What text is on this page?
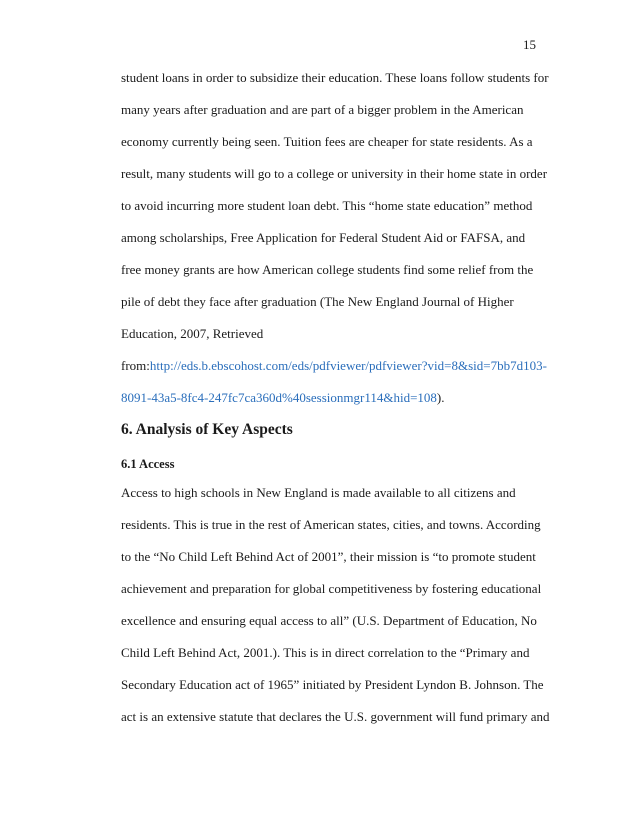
15
student loans in order to subsidize their education. These loans follow students for
many years after graduation and are part of a bigger problem in the American
economy currently being seen. Tuition fees are cheaper for state residents. As a
result, many students will go to a college or university in their home state in order
to avoid incurring more student loan debt. This “home state education” method
among scholarships, Free Application for Federal Student Aid or FAFSA, and
free money grants are how American college students find some relief from the
pile of debt they face after graduation (The New England Journal of Higher
Education, 2007, Retrieved
from:http://eds.b.ebscohost.com/eds/pdfviewer/pdfviewer?vid=8&sid=7bb7d103-
8091-43a5-8fc4-247fc7ca360d%40sessionmgr114&hid=108).
6. Analysis of Key Aspects
6.1 Access
Access to high schools in New England is made available to all citizens and
residents. This is true in the rest of American states, cities, and towns. According
to the “No Child Left Behind Act of 2001”, their mission is “to promote student
achievement and preparation for global competitiveness by fostering educational
excellence and ensuring equal access to all” (U.S. Department of Education, No
Child Left Behind Act, 2001.). This is in direct correlation to the “Primary and
Secondary Education act of 1965” initiated by President Lyndon B. Johnson. The
act is an extensive statute that declares the U.S. government will fund primary and
